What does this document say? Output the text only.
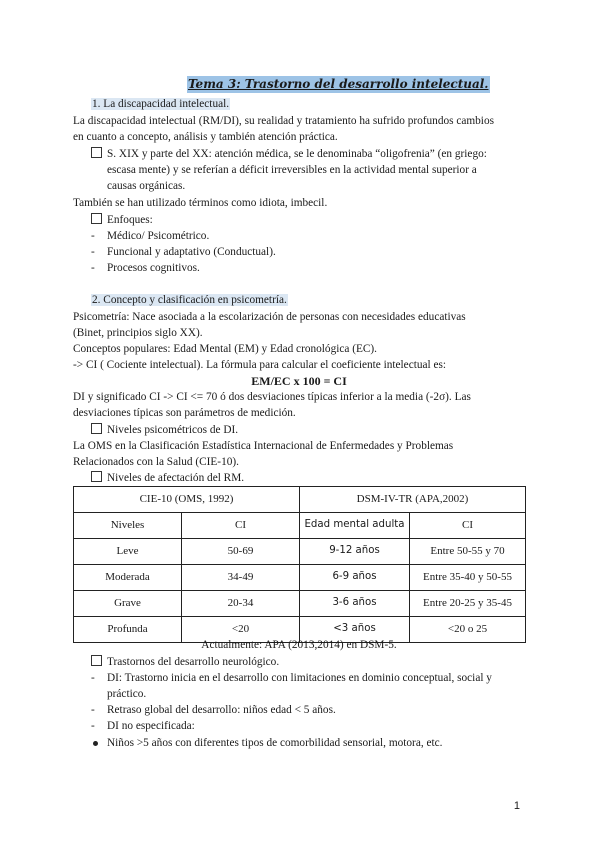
Tema 3: Trastorno del desarrollo intelectual.
1. La discapacidad intelectual.
La discapacidad intelectual (RM/DI), su realidad y tratamiento ha sufrido profundos cambios
en cuanto a concepto, análisis y también atención práctica.
S. XIX y parte del XX: atención médica, se le denominaba “oligofrenia” (en griego:
escasa mente) y se referían a déficit irreversibles en la actividad mental superior a
causas orgánicas.
También se han utilizado términos como idiota, imbecil.
Enfoques:
- Médico/ Psicométrico.
- Funcional y adaptativo (Conductual).
- Procesos cognitivos.
2. Concepto y clasificación en psicometría.
Psicometría: Nace asociada a la escolarización de personas con necesidades educativas
(Binet, principios siglo XX).
Conceptos populares: Edad Mental (EM) y Edad cronológica (EC).
-> CI ( Cociente intelectual). La fórmula para calcular el coeficiente intelectual es:
EM/EC x 100 = CI
DI y significado CI -> CI <= 70 ó dos desviaciones típicas inferior a la media (-2σ). Las
desviaciones típicas son parámetros de medición.
Niveles psicométricos de DI.
La OMS en la Clasificación Estadística Internacional de Enfermedades y Problemas
Relacionados con la Salud (CIE-10).
Niveles de afectación del RM.
CIE-10 (OMS, 1992)		DSM-IV-TR (APA,2002)	
Niveles	CI	Edad mental adulta	CI
Leve	50-69	9-12 años	Entre 50-55 y 70
Moderada	34-49	6-9 años	Entre 35-40 y 50-55
Grave	20-34	3-6 años	Entre 20-25 y 35-45
Profunda	<20	<3 años	<20 o 25
Actualmente: APA (2013,2014) en DSM-5.
Trastornos del desarrollo neurológico.
- DI: Trastorno inicia en el desarrollo con limitaciones en dominio conceptual, social y
práctico.
- Retraso global del desarrollo: niños edad < 5 años.
- DI no especificada:
Niños >5 años con diferentes tipos de comorbilidad sensorial, motora, etc.
1
